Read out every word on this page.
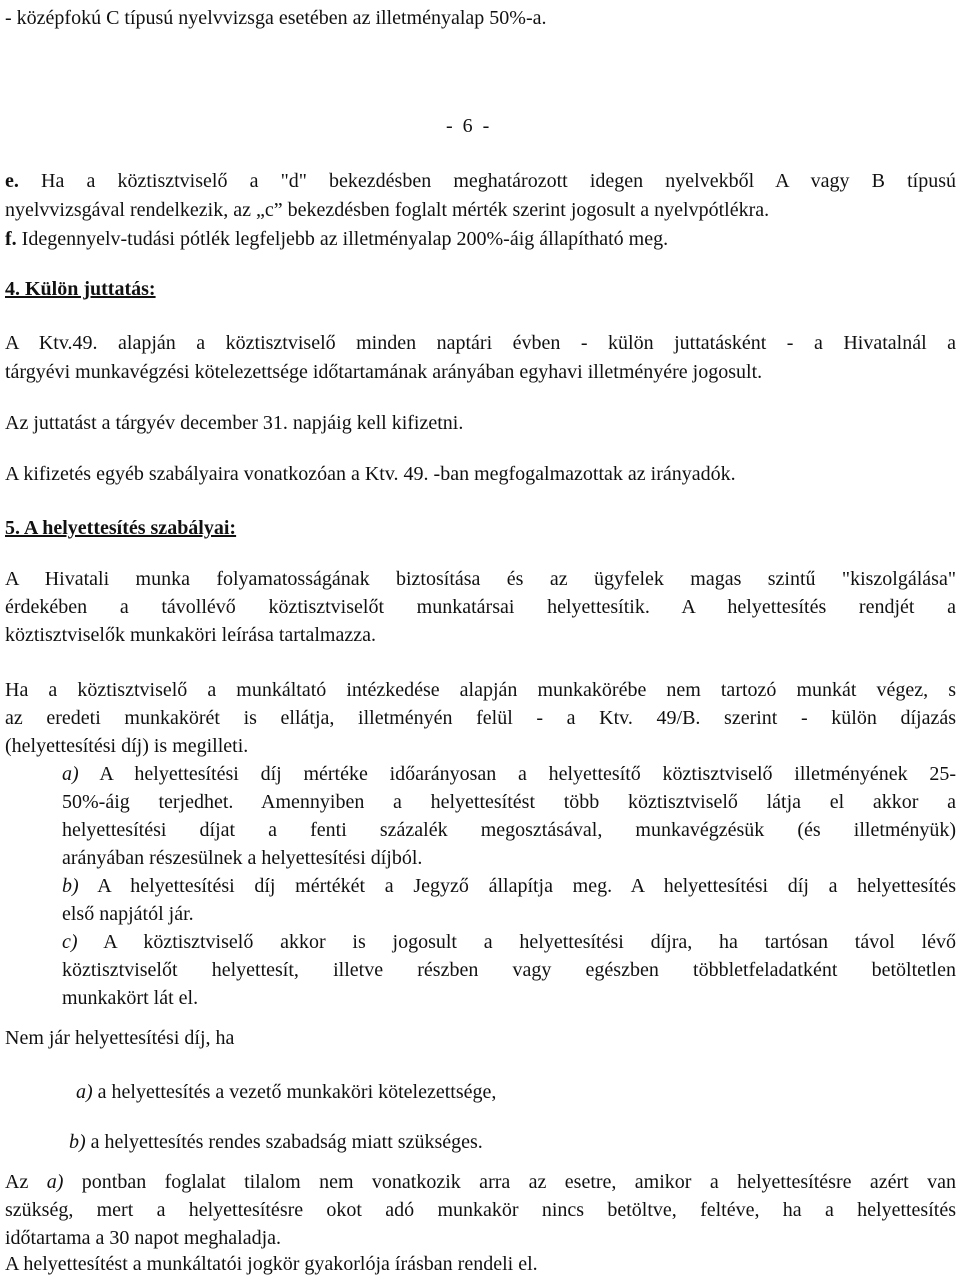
- középfokú C típusú nyelvvizsga esetében az illetményalap 50%-a.
-  6  -
e. Ha a köztisztviselő a "d" bekezdésben meghatározott idegen nyelvekből A vagy B típusú
nyelvvizsgával rendelkezik, az „c” bekezdésben foglalt mérték szerint jogosult a nyelvpótlékra.
f. Idegennyelv-tudási pótlék legfeljebb az illetményalap 200%-áig állapítható meg.
4. Külön juttatás:
A Ktv.49. alapján a köztisztviselő minden naptári évben - külön juttatásként - a Hivatalnál a
tárgyévi munkavégzési kötelezettsége időtartamának arányában egyhavi illetményére jogosult.
Az juttatást a tárgyév december 31. napjáig kell kifizetni.
A kifizetés egyéb szabályaira vonatkozóan a Ktv. 49. -ban megfogalmazottak az irányadók.
5. A helyettesítés szabályai:
A Hivatali munka folyamatosságának biztosítása és az ügyfelek magas szintű "kiszolgálása"
érdekében a távollévő köztisztviselőt munkatársai helyettesítik. A helyettesítés rendjét a
köztisztviselők munkaköri leírása tartalmazza.
Ha a köztisztviselő a munkáltató intézkedése alapján munkakörébe nem tartozó munkát végez, s
az eredeti munkakörét is ellátja, illetményén felül - a Ktv. 49/B. szerint - külön díjazás
(helyettesítési díj) is megilleti.
a) A helyettesítési díj mértéke időarányosan a helyettesítő köztisztviselő illetményének 25-
50%-áig terjedhet. Amennyiben a helyettesítést több köztisztviselő látja el akkor a
helyettesítési díjat a fenti százalék megosztásával, munkavégzésük (és illetményük)
arányában részesülnek a helyettesítési díjból.
b) A helyettesítési díj mértékét a Jegyző állapítja meg. A helyettesítési díj a helyettesítés
első napjától jár.
c) A köztisztviselő akkor is jogosult a helyettesítési díjra, ha tartósan távol lévő
köztisztviselőt helyettesít, illetve részben vagy egészben többletfeladatként betöltetlen
munkakört lát el.
Nem jár helyettesítési díj, ha
a) a helyettesítés a vezető munkaköri kötelezettsége,
b) a helyettesítés rendes szabadság miatt szükséges.
Az a) pontban foglalat tilalom nem vonatkozik arra az esetre, amikor a helyettesítésre azért van
szükség, mert a helyettesítésre okot adó munkakör nincs betöltve, feltéve, ha a helyettesítés
időtartama a 30 napot meghaladja.
A helyettesítést a munkáltatói jogkör gyakorlója írásban rendeli el.
